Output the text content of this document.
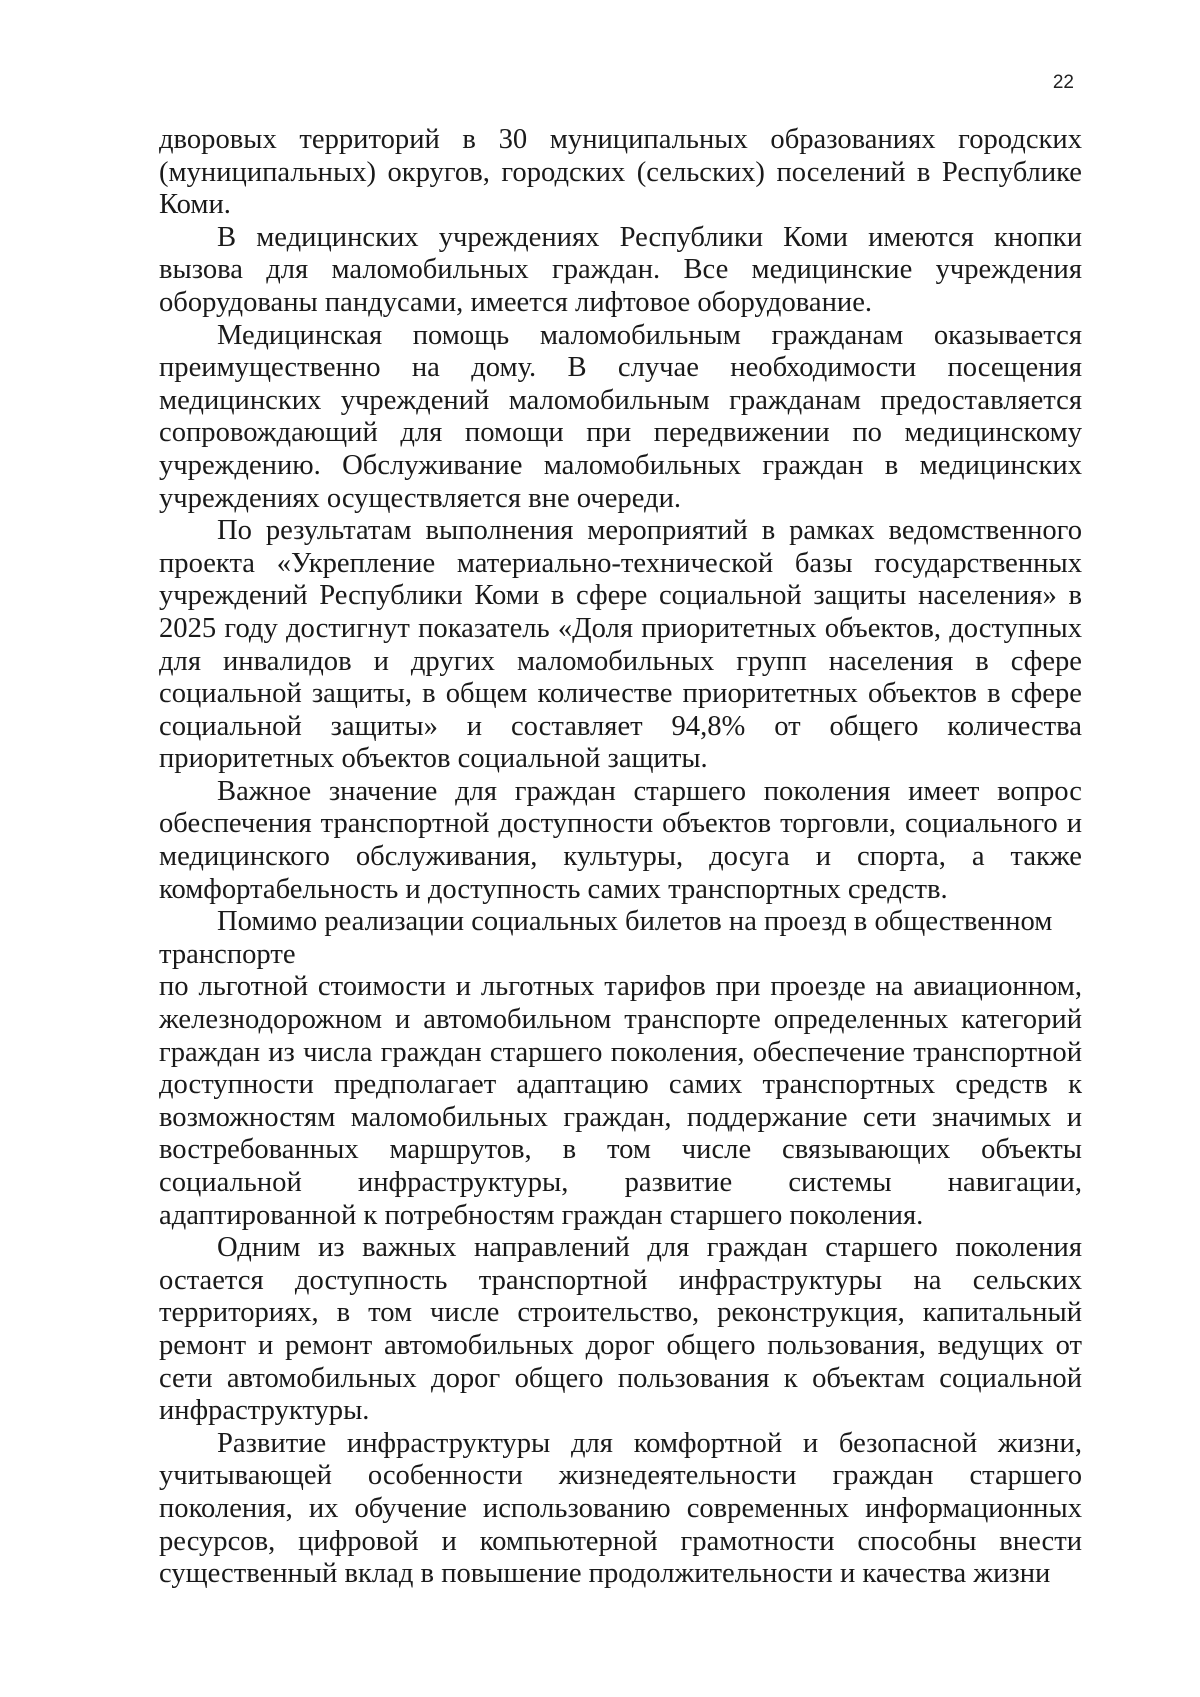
22

дворовых территорий в 30 муниципальных образованиях городских (муниципальных) округов, городских (сельских) поселений в Республике Коми.

В медицинских учреждениях Республики Коми имеются кнопки вызова для маломобильных граждан. Все медицинские учреждения оборудованы пандусами, имеется лифтовое оборудование.

Медицинская помощь маломобильным гражданам оказывается преимущественно на дому. В случае необходимости посещения медицинских учреждений маломобильным гражданам предоставляется сопровождающий для помощи при передвижении по медицинскому учреждению. Обслуживание маломобильных граждан в медицинских учреждениях осуществляется вне очереди.

По результатам выполнения мероприятий в рамках ведомственного проекта «Укрепление материально-технической базы государственных учреждений Республики Коми в сфере социальной защиты населения» в 2025 году достигнут показатель «Доля приоритетных объектов, доступных для инвалидов и других маломобильных групп населения в сфере социальной защиты, в общем количестве приоритетных объектов в сфере социальной защиты» и составляет 94,8% от общего количества приоритетных объектов социальной защиты.

Важное значение для граждан старшего поколения имеет вопрос обеспечения транспортной доступности объектов торговли, социального и медицинского обслуживания, культуры, досуга и спорта, а также комфортабельность и доступность самих транспортных средств.

Помимо реализации социальных билетов на проезд в общественном транспорте

по льготной стоимости и льготных тарифов при проезде на авиационном, железнодорожном и автомобильном транспорте определенных категорий граждан из числа граждан старшего поколения, обеспечение транспортной доступности предполагает адаптацию самих транспортных средств к возможностям маломобильных граждан, поддержание сети значимых и востребованных маршрутов, в том числе связывающих объекты социальной инфраструктуры, развитие системы навигации, адаптированной к потребностям граждан старшего поколения.

Одним из важных направлений для граждан старшего поколения остается доступность транспортной инфраструктуры на сельских территориях, в том числе строительство, реконструкция, капитальный ремонт и ремонт автомобильных дорог общего пользования, ведущих от сети автомобильных дорог общего пользования к объектам социальной инфраструктуры.

Развитие инфраструктуры для комфортной и безопасной жизни, учитывающей особенности жизнедеятельности граждан старшего поколения, их обучение использованию современных информационных ресурсов, цифровой и компьютерной грамотности способны внести существенный вклад в повышение продолжительности и качества жизни
